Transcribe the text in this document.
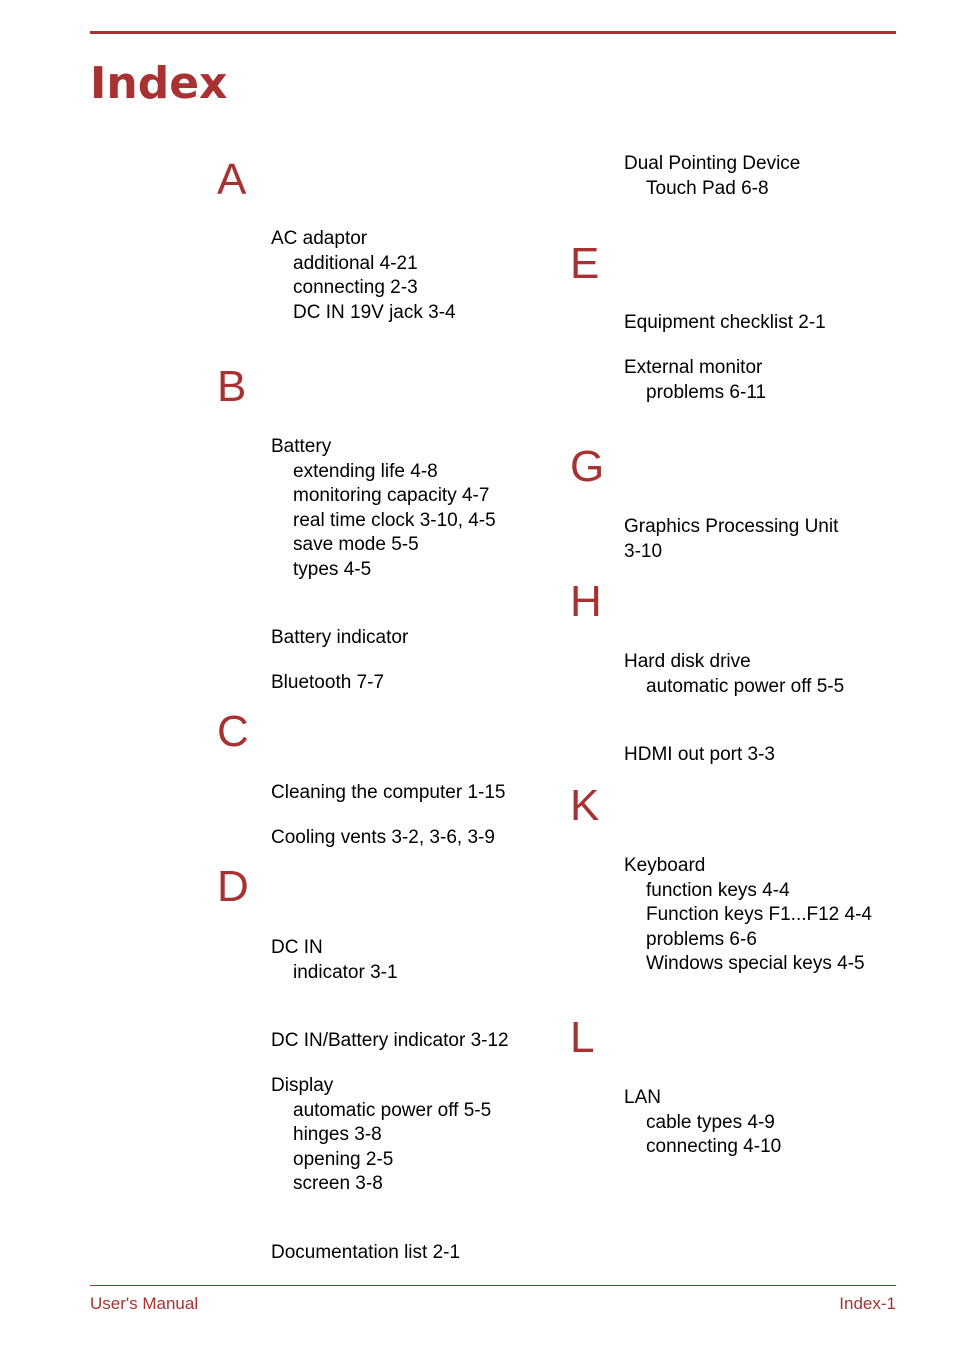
Index
A
AC adaptor
additional 4-21
connecting 2-3
DC IN 19V jack 3-4
B
Battery
extending life 4-8
monitoring capacity 4-7
real time clock 3-10, 4-5
save mode 5-5
types 4-5
Battery indicator
Bluetooth 7-7
C
Cleaning the computer 1-15
Cooling vents 3-2, 3-6, 3-9
D
DC IN
indicator 3-1
DC IN/Battery indicator 3-12
Display
automatic power off 5-5
hinges 3-8
opening 2-5
screen 3-8
Documentation list 2-1
Dual Pointing Device
Touch Pad 6-8
E
Equipment checklist 2-1
External monitor
problems 6-11
G
Graphics Processing Unit
3-10
H
Hard disk drive
automatic power off 5-5
HDMI out port 3-3
K
Keyboard
function keys 4-4
Function keys F1...F12 4-4
problems 6-6
Windows special keys 4-5
L
LAN
cable types 4-9
connecting 4-10
User's Manual	Index-1
